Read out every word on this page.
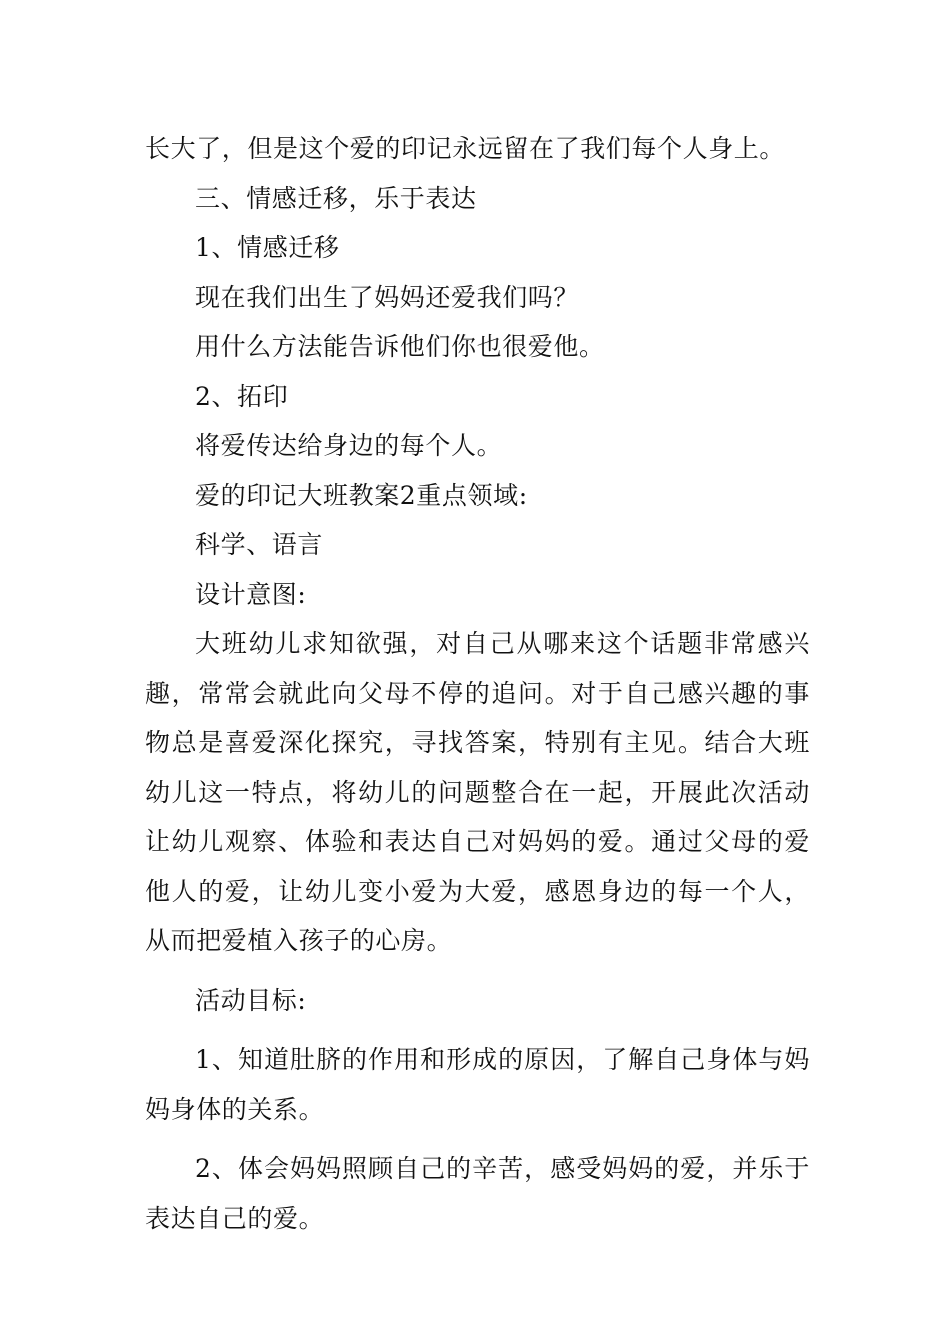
长大了，但是这个爱的印记永远留在了我们每个人身上。

三、情感迁移，乐于表达

1、情感迁移

现在我们出生了妈妈还爱我们吗？

用什么方法能告诉他们你也很爱他。

2、拓印

将爱传达给身边的每个人。

爱的印记大班教案2重点领域:

科学、语言

设计意图:

大班幼儿求知欲强，对自己从哪来这个话题非常感兴趣，常常会就此向父母不停的追问。对于自己感兴趣的事物总是喜爱深化探究，寻找答案，特别有主见。结合大班幼儿这一特点，将幼儿的问题整合在一起，开展此次活动让幼儿观察、体验和表达自己对妈妈的爱。通过父母的爱他人的爱，让幼儿变小爱为大爱，感恩身边的每一个人，从而把爱植入孩子的心房。

活动目标:

1、知道肚脐的作用和形成的原因，了解自己身体与妈妈身体的关系。

2、体会妈妈照顾自己的辛苦，感受妈妈的爱，并乐于表达自己的爱。
